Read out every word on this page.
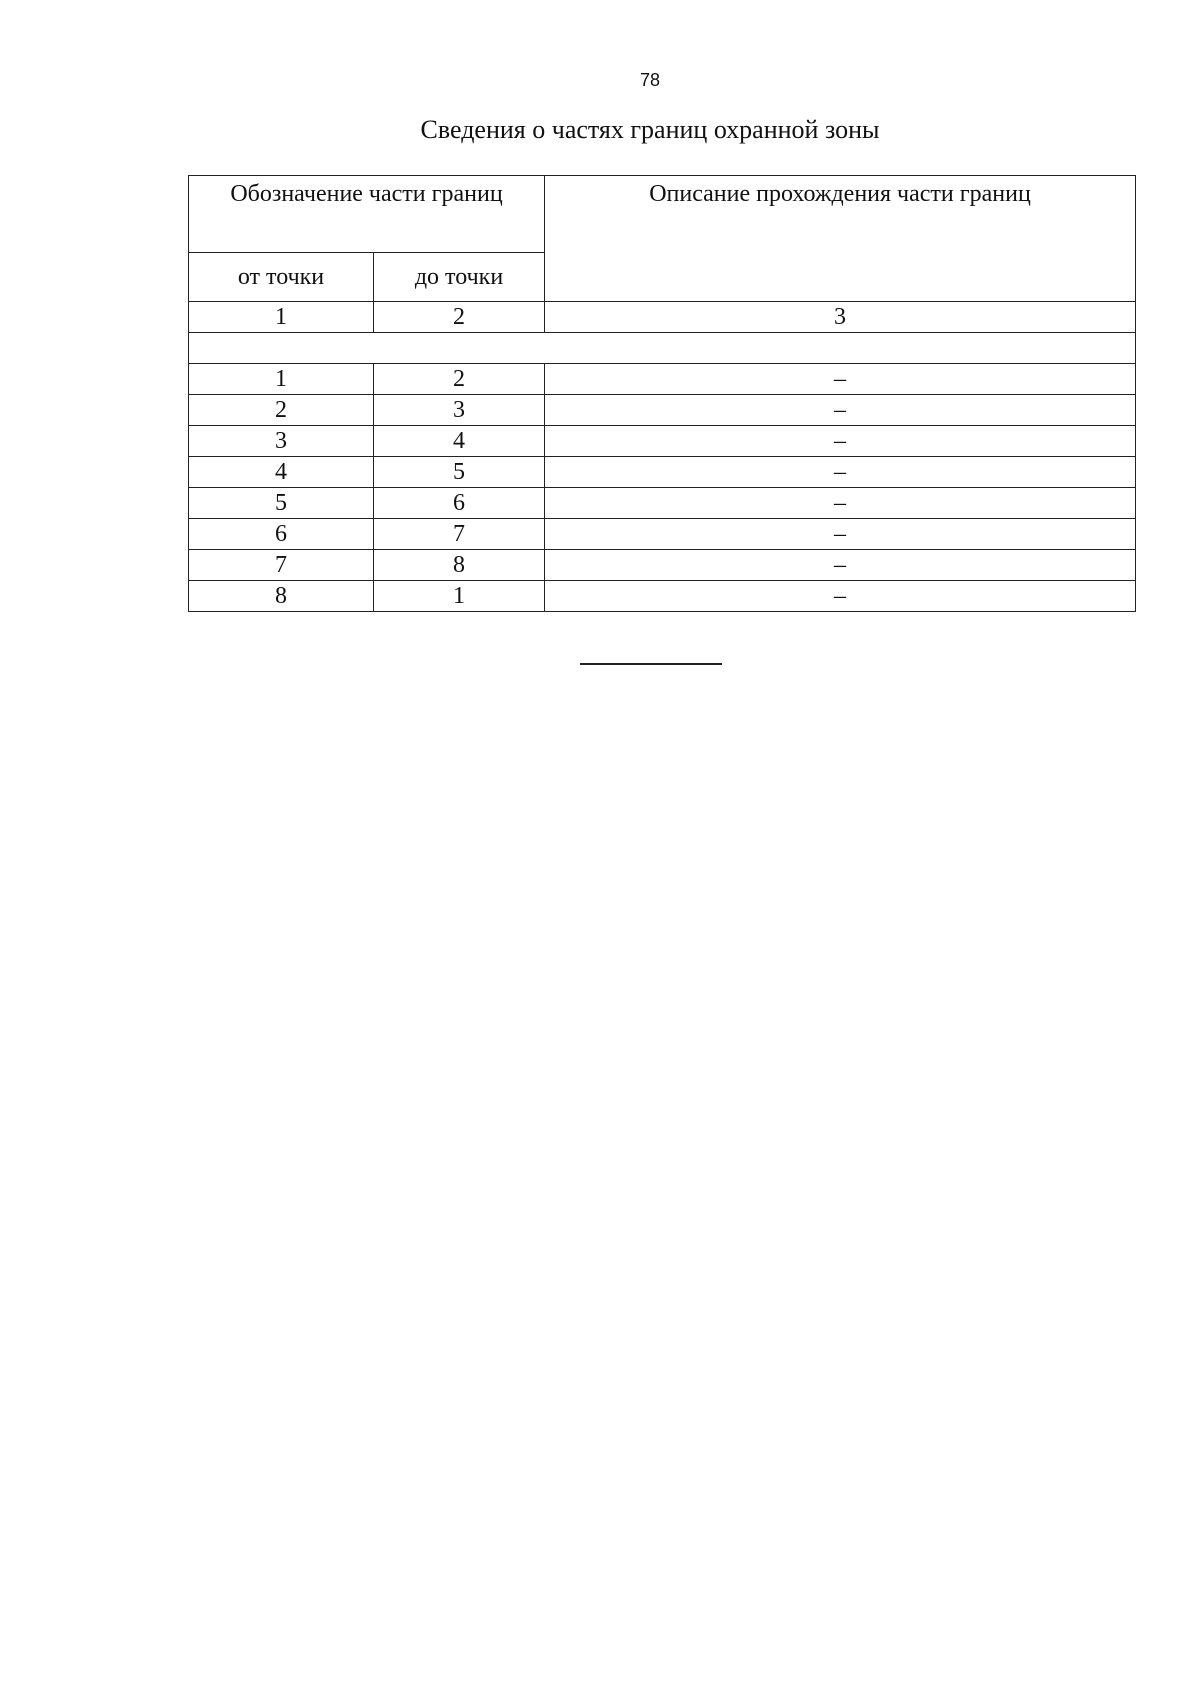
78
Сведения о частях границ охранной зоны
Обозначение части границ		Описание прохождения части границ
от точки	до точки	
1	2	3

1	2	–
2	3	–
3	4	–
4	5	–
5	6	–
6	7	–
7	8	–
8	1	–
